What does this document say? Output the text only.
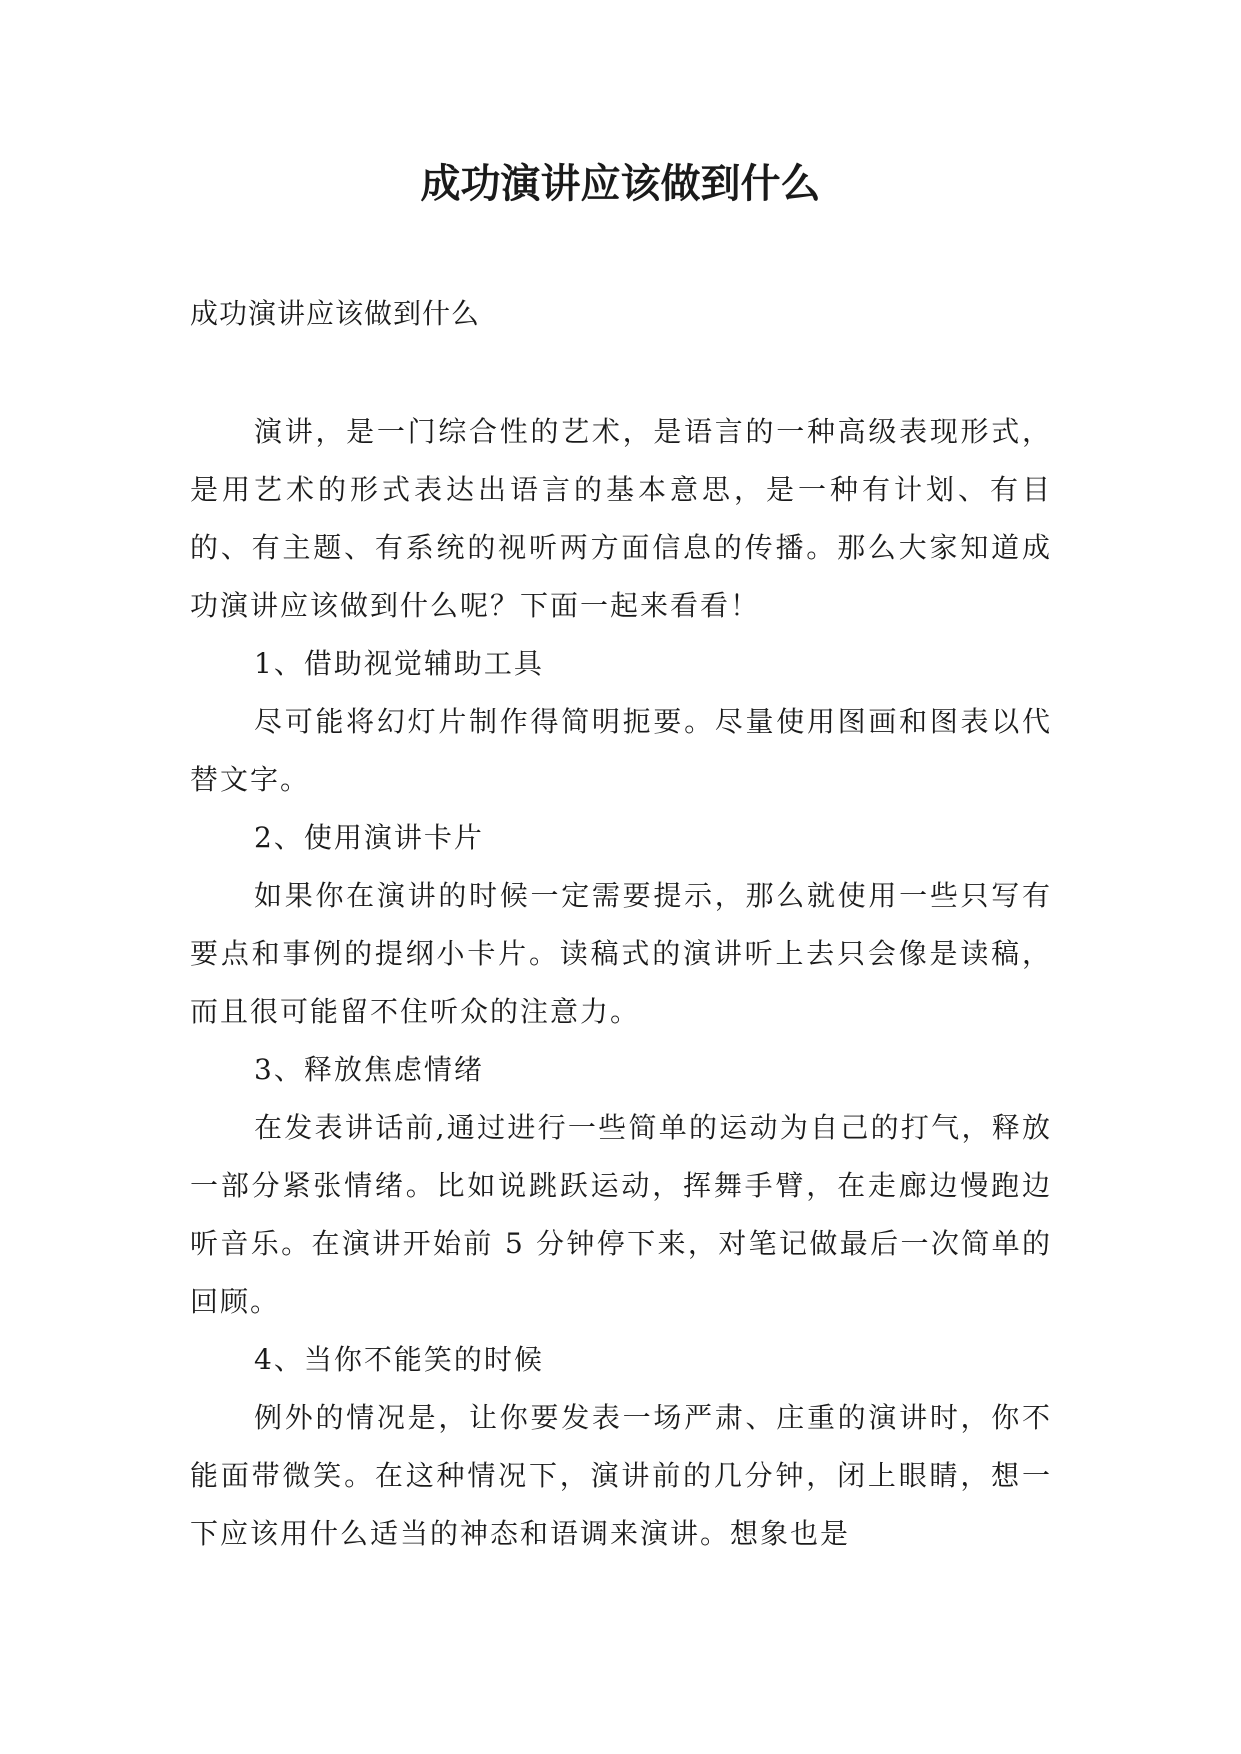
成功演讲应该做到什么
成功演讲应该做到什么

演讲，是一门综合性的艺术，是语言的一种高级表现形式，是用艺术的形式表达出语言的基本意思，是一种有计划、有目的、有主题、有系统的视听两方面信息的传播。那么大家知道成功演讲应该做到什么呢？下面一起来看看！

1、借助视觉辅助工具

尽可能将幻灯片制作得简明扼要。尽量使用图画和图表以代替文字。

2、使用演讲卡片

如果你在演讲的时候一定需要提示，那么就使用一些只写有要点和事例的提纲小卡片。读稿式的演讲听上去只会像是读稿，而且很可能留不住听众的注意力。

3、释放焦虑情绪

在发表讲话前,通过进行一些简单的运动为自己的打气，释放一部分紧张情绪。比如说跳跃运动，挥舞手臂，在走廊边慢跑边听音乐。在演讲开始前 5 分钟停下来，对笔记做最后一次简单的回顾。

4、当你不能笑的时候

例外的情况是，让你要发表一场严肃、庄重的演讲时，你不能面带微笑。在这种情况下，演讲前的几分钟，闭上眼睛，想一下应该用什么适当的神态和语调来演讲。想象也是
